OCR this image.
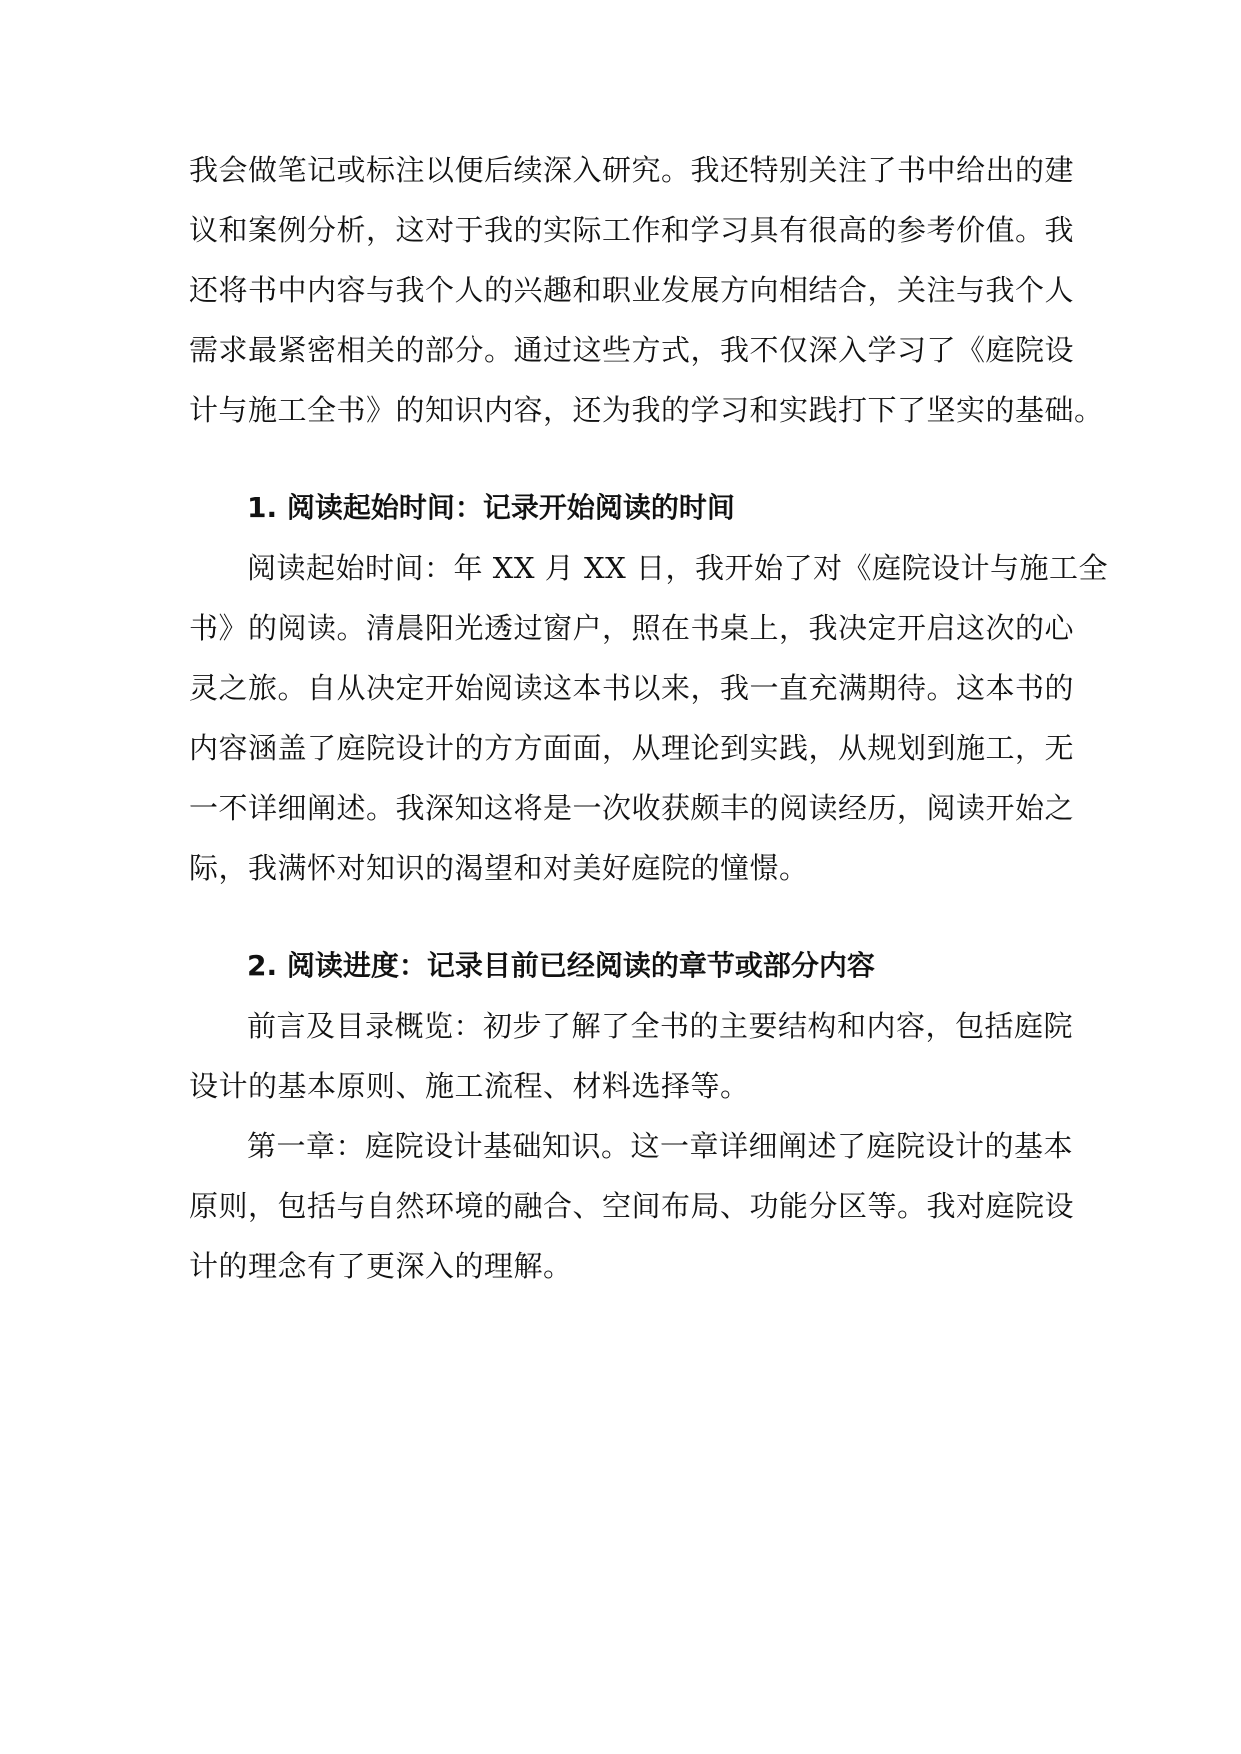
我会做笔记或标注以便后续深入研究。我还特别关注了书中给出的建
议和案例分析，这对于我的实际工作和学习具有很高的参考价值。我
还将书中内容与我个人的兴趣和职业发展方向相结合，关注与我个人
需求最紧密相关的部分。通过这些方式，我不仅深入学习了《庭院设
计与施工全书》的知识内容，还为我的学习和实践打下了坚实的基础。
1. 阅读起始时间：记录开始阅读的时间
阅读起始时间：年 XX 月 XX 日，我开始了对《庭院设计与施工全
书》的阅读。清晨阳光透过窗户，照在书桌上，我决定开启这次的心
灵之旅。自从决定开始阅读这本书以来，我一直充满期待。这本书的
内容涵盖了庭院设计的方方面面，从理论到实践，从规划到施工，无
一不详细阐述。我深知这将是一次收获颇丰的阅读经历，阅读开始之
际，我满怀对知识的渴望和对美好庭院的憧憬。
2. 阅读进度：记录目前已经阅读的章节或部分内容
前言及目录概览：初步了解了全书的主要结构和内容，包括庭院
设计的基本原则、施工流程、材料选择等。
第一章：庭院设计基础知识。这一章详细阐述了庭院设计的基本
原则，包括与自然环境的融合、空间布局、功能分区等。我对庭院设
计的理念有了更深入的理解。
